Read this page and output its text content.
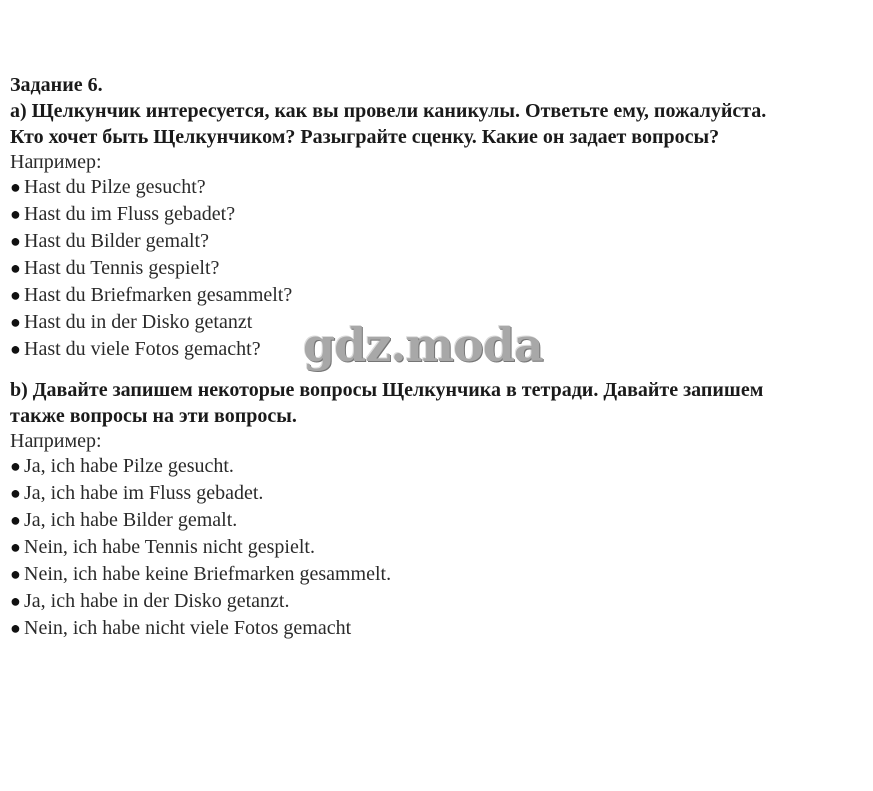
Задание 6.

a) Щелкунчик интересуется, как вы провели каникулы. Ответьте ему, пожалуйста.

Кто хочет быть Щелкунчиком? Разыграйте сценку. Какие он задает вопросы?

Например:

● Hast du Pilze gesucht?
● Hast du im Fluss gebadet?
● Hast du Bilder gemalt?
● Hast du Tennis gespielt?
● Hast du Briefmarken gesammelt?
● Hast du in der Disko getanzt
● Hast du viele Fotos gemacht?

b) Давайте запишем некоторые вопросы Щелкунчика в тетради. Давайте запишем

также вопросы на эти вопросы.

Например:

● Ja, ich habe Pilze gesucht.
● Ja, ich habe im Fluss gebadet.
● Ja, ich habe Bilder gemalt.
● Nein, ich habe Tennis nicht gespielt.
● Nein, ich habe keine Briefmarken gesammelt.
● Ja, ich habe in der Disko getanzt.
● Nein, ich habe nicht viele Fotos gemacht
gdz.moda
